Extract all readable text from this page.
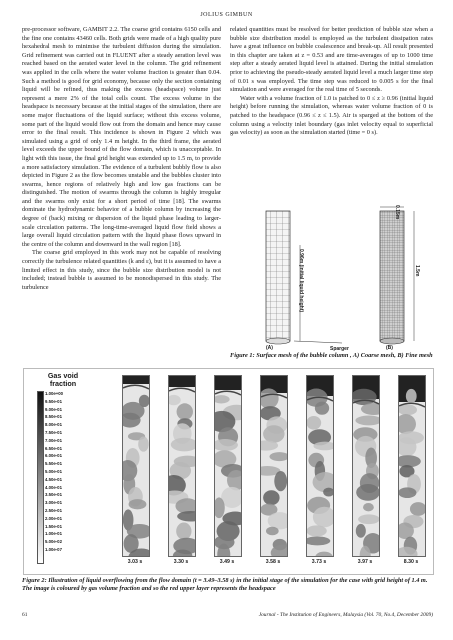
JOLIUS GIMBUN

pre-processor software, GAMBIT 2.2. The coarse grid contains 6150 cells and the fine one contains 43460 cells. Both grids were made of a high quality pure hexahedral mesh to minimise the turbulent diffusion during the simulation. Grid refinement was carried out in FLUENT after a steady aeration level was reached based on the aerated water level in the column. The grid refinement was applied in the cells where the water volume fraction is greater than 0.04. Such a method is good for grid economy, because only the section containing liquid will be refined, thus making the excess (headspace) volume just represent a mere 2% of the total cells count. The excess volume in the headspace is necessary because at the initial stages of the simulation, there are some major fluctuations of the liquid surface; without this excess volume, some part of the liquid would flow out from the domain and hence may cause error to the final result. This incidence is shown in Figure 2 which was simulated using a grid of only 1.4 m height. In the third frame, the aerated level exceeds the upper bound of the flow domain, which is unacceptable. In light with this issue, the final grid height was extended up to 1.5 m, to provide a more satisfactory simulation. The evidence of a turbulent bubbly flow is also depicted in Figure 2 as the flow becomes unstable and the bubbles cluster into swarms, hence regions of relatively high and low gas fractions can be distinguished. The motion of swarms through the column is highly irregular and the swarms only exist for a short period of time [18]. The swarms dominate the hydrodynamic behavior of a bubble column by increasing the degree of (back) mixing or dispersion of the liquid phase leading to larger-scale circulation patterns. The long-time-averaged liquid flow field shows a large overall liquid circulation pattern with the liquid phase flows upward in the centre of the column and downward in the wall region [18].

The coarse grid employed in this work may not be capable of resolving correctly the turbulence related quantities (k and ε), but it is assumed to have a limited effect in this study, since the bubble size distribution model is not included; instead bubble is assumed to be monodispersed in this study. The turbulence

related quantities must be resolved for better prediction of bubble size when a bubble size distribution model is employed as the turbulent dissipation rates have a great influence on bubble coalescence and break-up. All result presented in this chapter are taken at z = 0.53 and are time-averages of up to 1000 time step after a steady aerated liquid level is attained. During the initial simulation prior to achieving the pseudo-steady aerated liquid level a much larger time step of 0.01 s was employed. The time step was reduced to 0.005 s for the final simulation and were averaged for the real time of 5 seconds.

Water with a volume fraction of 1.0 is patched to 0 ≤ z ≥ 0.96 (initial liquid height) before running the simulation, whereas water volume fraction of 0 is patched to the headspace (0.96 ≤ z ≤ 1.5). Air is sparged at the bottom of the column using a velocity inlet boundary (gas inlet velocity equal to superficial gas velocity) as soon as the simulation started (time = 0 s).

0.96m (initial liquid height)	1.5m
0.15m
(A)	Sparger	(B)
Figure 1: Surface mesh of the bubble column , A) Coarse mesh, B) Fine mesh
Gas void fraction
1.00e+00
9.50e-01
9.00e-01
8.50e-01
8.00e-01
7.50e-01
7.00e-01
6.50e-01
6.00e-01
5.50e-01
5.00e-01
4.50e-01
4.00e-01
3.50e-01
3.00e-01
2.50e-01
2.00e-01
1.50e-01
1.00e-01
5.00e-02
1.00e-07
3.03 s	3.30 s	3.49 s	3.58 s	3.73 s	3.97 s	8.30 s
Figure 2: Illustration of liquid overflowing from the flow domain (t = 3.49–3.58 s) in the initial stage of the simulation for the case with grid height of 1.4 m. The image is coloured by gas volume fraction and so the red upper layer represents the headspace
61	Journal - The Institution of Engineers, Malaysia (Vol. 70, No.4, December 2009)
